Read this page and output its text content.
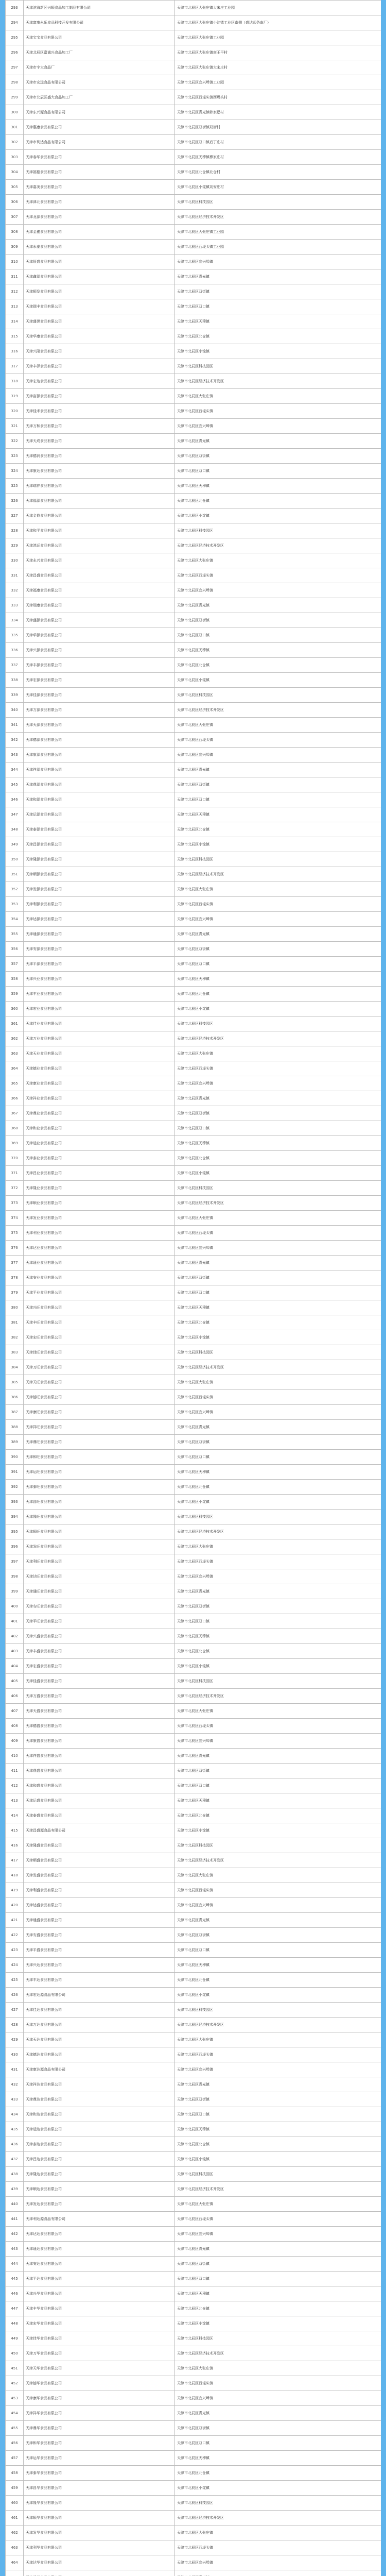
293	天津滨海新区兴顺食品加工制品有限公司	天津市北辰区大张庄镇大宋庄工业园
294	天津富康永乐食品科技开发有限公司	天津市北辰区大张庄镇小淀镇工业区南侧（盛达印务南厂）
295	天津宝宝食品有限公司	天津市北辰区大张庄镇工业园
296	天津北辰区嘉诚兴食品加工厂	天津市北辰区大张庄镇南王平村
297	天津市宇大食品厂	天津市北辰区大张庄镇大宋庄村
298	天津市宏远食品有限公司	天津市北辰区宜兴埠镇工业园
299	天津市北辰区盛大食品加工厂	天津市北辰区西堤头镇西堤头村
300	天津东兴源食品有限公司	天津市北辰区青光镇韩家墅村
301	天津惠康食品有限公司	天津市北辰区双街镇双街村
302	天津市利达食品有限公司	天津市北辰区双口镇后丁庄村
303	天津春华食品有限公司	天津市北辰区天穆镇穆家庄村
304	天津福德食品有限公司	天津市北辰区北仓镇北仓村
305	天津嘉美食品有限公司	天津市北辰区小淀镇刘安庄村
306	天津津北食品有限公司	天津市北辰区科技园区
307	天津龙源食品有限公司	天津市北辰区经济技术开发区
308	天津金穗食品有限公司	天津市北辰区大张庄镇工业园
309	天津永泰食品有限公司	天津市北辰区西堤头镇工业园
310	天津恒盛食品有限公司	天津市北辰区宜兴埠镇
311	天津鑫源食品有限公司	天津市北辰区青光镇
312	天津顺发食品有限公司	天津市北辰区双街镇
313	天津瑞丰食品有限公司	天津市北辰区双口镇
314	天津盛世食品有限公司	天津市北辰区天穆镇
315	天津华康食品有限公司	天津市北辰区北仓镇
316	天津兴隆食品有限公司	天津市北辰区小淀镇
317	天津丰泽食品有限公司	天津市北辰区科技园区
318	天津宏达食品有限公司	天津市北辰区经济技术开发区
319	天津富源食品有限公司	天津市北辰区大张庄镇
320	天津佳禾食品有限公司	天津市北辰区西堤头镇
321	天津万和食品有限公司	天津市北辰区宜兴埠镇
322	天津天成食品有限公司	天津市北辰区青光镇
323	天津德润食品有限公司	天津市北辰区双街镇
324	天津康达食品有限公司	天津市北辰区双口镇
325	天津瑞祥食品有限公司	天津市北辰区天穆镇
326	天津福源食品有限公司	天津市北辰区北仓镇
327	天津金鼎食品有限公司	天津市北辰区小淀镇
328	天津和平食品有限公司	天津市北辰区科技园区
329	天津鸿运食品有限公司	天津市北辰区经济技术开发区
330	天津永兴食品有限公司	天津市北辰区大张庄镇
331	天津昌盛食品有限公司	天津市北辰区西堤头镇
332	天津福康食品有限公司	天津市北辰区宜兴埠镇
333	天津瑞康食品有限公司	天津市北辰区青光镇
334	天津盛源食品有限公司	天津市北辰区双街镇
335	天津华源食品有限公司	天津市北辰区双口镇
336	天津兴源食品有限公司	天津市北辰区天穆镇
337	天津丰源食品有限公司	天津市北辰区北仓镇
338	天津宏源食品有限公司	天津市北辰区小淀镇
339	天津佳源食品有限公司	天津市北辰区科技园区
340	天津万源食品有限公司	天津市北辰区经济技术开发区
341	天津天源食品有限公司	天津市北辰区大张庄镇
342	天津德源食品有限公司	天津市北辰区西堤头镇
343	天津康源食品有限公司	天津市北辰区宜兴埠镇
344	天津祥源食品有限公司	天津市北辰区青光镇
345	天津鼎源食品有限公司	天津市北辰区双街镇
346	天津和源食品有限公司	天津市北辰区双口镇
347	天津运源食品有限公司	天津市北辰区天穆镇
348	天津泰源食品有限公司	天津市北辰区北仓镇
349	天津昌源食品有限公司	天津市北辰区小淀镇
350	天津隆源食品有限公司	天津市北辰区科技园区
351	天津顺源食品有限公司	天津市北辰区经济技术开发区
352	天津发源食品有限公司	天津市北辰区大张庄镇
353	天津利源食品有限公司	天津市北辰区西堤头镇
354	天津达源食品有限公司	天津市北辰区宜兴埠镇
355	天津通源食品有限公司	天津市北辰区青光镇
356	天津安源食品有限公司	天津市北辰区双街镇
357	天津平源食品有限公司	天津市北辰区双口镇
358	天津兴业食品有限公司	天津市北辰区天穆镇
359	天津丰业食品有限公司	天津市北辰区北仓镇
360	天津宏业食品有限公司	天津市北辰区小淀镇
361	天津佳业食品有限公司	天津市北辰区科技园区
362	天津万业食品有限公司	天津市北辰区经济技术开发区
363	天津天业食品有限公司	天津市北辰区大张庄镇
364	天津德业食品有限公司	天津市北辰区西堤头镇
365	天津康业食品有限公司	天津市北辰区宜兴埠镇
366	天津祥业食品有限公司	天津市北辰区青光镇
367	天津鼎业食品有限公司	天津市北辰区双街镇
368	天津和业食品有限公司	天津市北辰区双口镇
369	天津运业食品有限公司	天津市北辰区天穆镇
370	天津泰业食品有限公司	天津市北辰区北仓镇
371	天津昌业食品有限公司	天津市北辰区小淀镇
372	天津隆业食品有限公司	天津市北辰区科技园区
373	天津顺业食品有限公司	天津市北辰区经济技术开发区
374	天津发业食品有限公司	天津市北辰区大张庄镇
375	天津利业食品有限公司	天津市北辰区西堤头镇
376	天津达业食品有限公司	天津市北辰区宜兴埠镇
377	天津通业食品有限公司	天津市北辰区青光镇
378	天津安业食品有限公司	天津市北辰区双街镇
379	天津平业食品有限公司	天津市北辰区双口镇
380	天津兴旺食品有限公司	天津市北辰区天穆镇
381	天津丰旺食品有限公司	天津市北辰区北仓镇
382	天津宏旺食品有限公司	天津市北辰区小淀镇
383	天津佳旺食品有限公司	天津市北辰区科技园区
384	天津万旺食品有限公司	天津市北辰区经济技术开发区
385	天津天旺食品有限公司	天津市北辰区大张庄镇
386	天津德旺食品有限公司	天津市北辰区西堤头镇
387	天津康旺食品有限公司	天津市北辰区宜兴埠镇
388	天津祥旺食品有限公司	天津市北辰区青光镇
389	天津鼎旺食品有限公司	天津市北辰区双街镇
390	天津和旺食品有限公司	天津市北辰区双口镇
391	天津运旺食品有限公司	天津市北辰区天穆镇
392	天津泰旺食品有限公司	天津市北辰区北仓镇
393	天津昌旺食品有限公司	天津市北辰区小淀镇
394	天津隆旺食品有限公司	天津市北辰区科技园区
395	天津顺旺食品有限公司	天津市北辰区经济技术开发区
396	天津发旺食品有限公司	天津市北辰区大张庄镇
397	天津利旺食品有限公司	天津市北辰区西堤头镇
398	天津达旺食品有限公司	天津市北辰区宜兴埠镇
399	天津通旺食品有限公司	天津市北辰区青光镇
400	天津安旺食品有限公司	天津市北辰区双街镇
401	天津平旺食品有限公司	天津市北辰区双口镇
402	天津兴盛食品有限公司	天津市北辰区天穆镇
403	天津丰盛食品有限公司	天津市北辰区北仓镇
404	天津宏盛食品有限公司	天津市北辰区小淀镇
405	天津佳盛食品有限公司	天津市北辰区科技园区
406	天津万盛食品有限公司	天津市北辰区经济技术开发区
407	天津天盛食品有限公司	天津市北辰区大张庄镇
408	天津德盛食品有限公司	天津市北辰区西堤头镇
409	天津康盛食品有限公司	天津市北辰区宜兴埠镇
410	天津祥盛食品有限公司	天津市北辰区青光镇
411	天津鼎盛食品有限公司	天津市北辰区双街镇
412	天津和盛食品有限公司	天津市北辰区双口镇
413	天津运盛食品有限公司	天津市北辰区天穆镇
414	天津泰盛食品有限公司	天津市北辰区北仓镇
415	天津昌盛源食品有限公司	天津市北辰区小淀镇
416	天津隆盛食品有限公司	天津市北辰区科技园区
417	天津顺盛食品有限公司	天津市北辰区经济技术开发区
418	天津发盛食品有限公司	天津市北辰区大张庄镇
419	天津利盛食品有限公司	天津市北辰区西堤头镇
420	天津达盛食品有限公司	天津市北辰区宜兴埠镇
421	天津通盛食品有限公司	天津市北辰区青光镇
422	天津安盛食品有限公司	天津市北辰区双街镇
423	天津平盛食品有限公司	天津市北辰区双口镇
424	天津兴达食品有限公司	天津市北辰区天穆镇
425	天津丰达食品有限公司	天津市北辰区北仓镇
426	天津宏达源食品有限公司	天津市北辰区小淀镇
427	天津佳达食品有限公司	天津市北辰区科技园区
428	天津万达食品有限公司	天津市北辰区经济技术开发区
429	天津天达食品有限公司	天津市北辰区大张庄镇
430	天津德达食品有限公司	天津市北辰区西堤头镇
431	天津康达源食品有限公司	天津市北辰区宜兴埠镇
432	天津祥达食品有限公司	天津市北辰区青光镇
433	天津鼎达食品有限公司	天津市北辰区双街镇
434	天津和达食品有限公司	天津市北辰区双口镇
435	天津运达食品有限公司	天津市北辰区天穆镇
436	天津泰达食品有限公司	天津市北辰区北仓镇
437	天津昌达食品有限公司	天津市北辰区小淀镇
438	天津隆达食品有限公司	天津市北辰区科技园区
439	天津顺达食品有限公司	天津市北辰区经济技术开发区
440	天津发达食品有限公司	天津市北辰区大张庄镇
441	天津利达源食品有限公司	天津市北辰区西堤头镇
442	天津达达食品有限公司	天津市北辰区宜兴埠镇
443	天津通达食品有限公司	天津市北辰区青光镇
444	天津安达食品有限公司	天津市北辰区双街镇
445	天津平达食品有限公司	天津市北辰区双口镇
446	天津兴华食品有限公司	天津市北辰区天穆镇
447	天津丰华食品有限公司	天津市北辰区北仓镇
448	天津宏华食品有限公司	天津市北辰区小淀镇
449	天津佳华食品有限公司	天津市北辰区科技园区
450	天津万华食品有限公司	天津市北辰区经济技术开发区
451	天津天华食品有限公司	天津市北辰区大张庄镇
452	天津德华食品有限公司	天津市北辰区西堤头镇
453	天津康华食品有限公司	天津市北辰区宜兴埠镇
454	天津祥华食品有限公司	天津市北辰区青光镇
455	天津鼎华食品有限公司	天津市北辰区双街镇
456	天津和华食品有限公司	天津市北辰区双口镇
457	天津运华食品有限公司	天津市北辰区天穆镇
458	天津泰华食品有限公司	天津市北辰区北仓镇
459	天津昌华食品有限公司	天津市北辰区小淀镇
460	天津隆华食品有限公司	天津市北辰区科技园区
461	天津顺华食品有限公司	天津市北辰区经济技术开发区
462	天津发华食品有限公司	天津市北辰区大张庄镇
463	天津利华食品有限公司	天津市北辰区西堤头镇
464	天津达华食品有限公司	天津市北辰区宜兴埠镇
